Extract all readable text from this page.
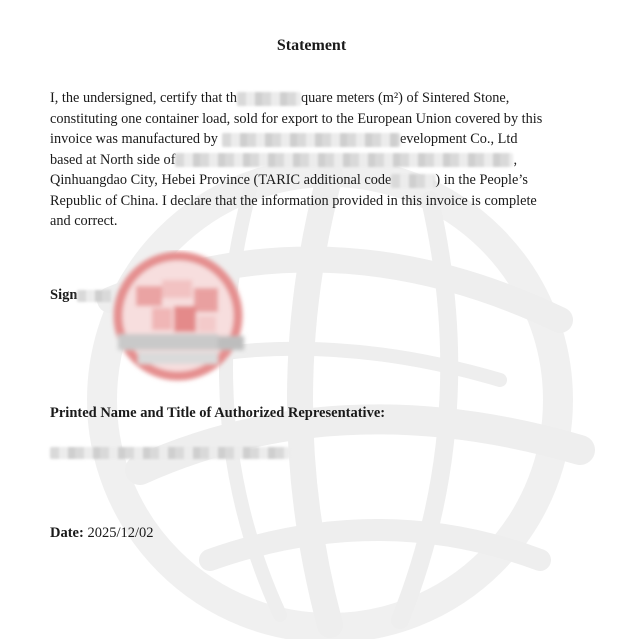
Statement
I, the undersigned, certify that th	quare meters (m²) of Sintered Stone,
constituting one container load, sold for export to the European Union covered by this
invoice was manufactured by	evelopment Co., Ltd
based at North side of	,
Qinhuangdao City, Hebei Province (TARIC additional code	) in the People’s
Republic of China. I declare that the information provided in this invoice is complete
and correct.
Sign
Printed Name and Title of Authorized Representative:
Date: 2025/12/02
